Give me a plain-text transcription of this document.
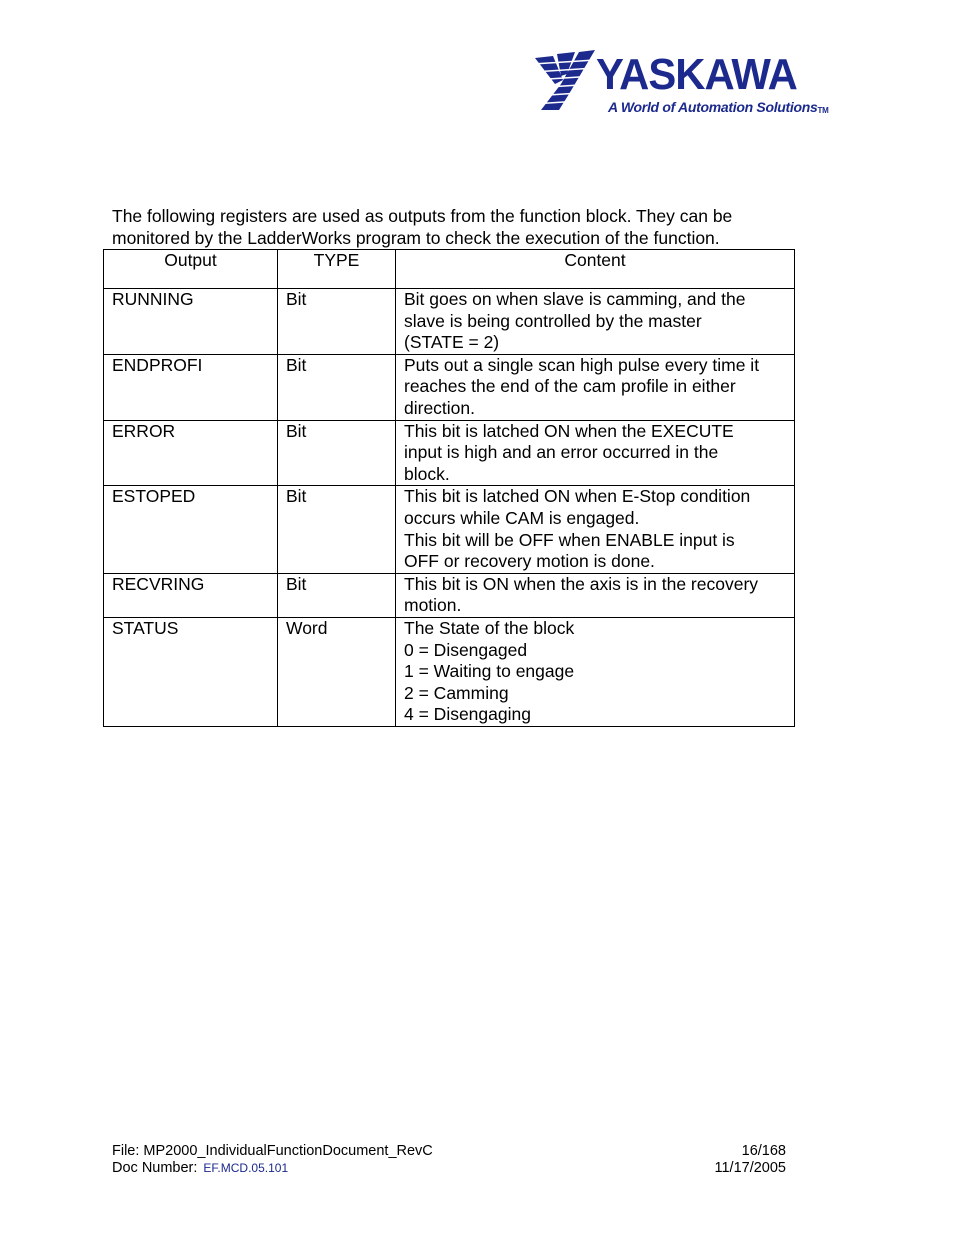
YASKAWA
A World of Automation Solutions™

The following registers are used as outputs from the function block. They can be

monitored by the LadderWorks program to check the execution of the function.

Output	TYPE	Content
RUNNING	Bit	Bit goes on when slave is camming, and the
slave is being controlled by the master
(STATE = 2)

ENDPROFI	Bit	Puts out a single scan high pulse every time it
reaches the end of the cam profile in either
direction.

ERROR	Bit	This bit is latched ON when the EXECUTE
input is high and an error occurred in the
block.

ESTOPED	Bit	This bit is latched ON when E-Stop condition
occurs while CAM is engaged.
This bit will be OFF when ENABLE input is
OFF or recovery motion is done.

RECVRING	Bit	This bit is ON when the axis is in the recovery
motion.

STATUS	Word	The State of the block
0 = Disengaged
1 = Waiting to engage
2 = Camming
4 = Disengaging
File: MP2000_IndividualFunctionDocument_RevC	16/168
Doc Number: EF.MCD.05.101	11/17/2005
